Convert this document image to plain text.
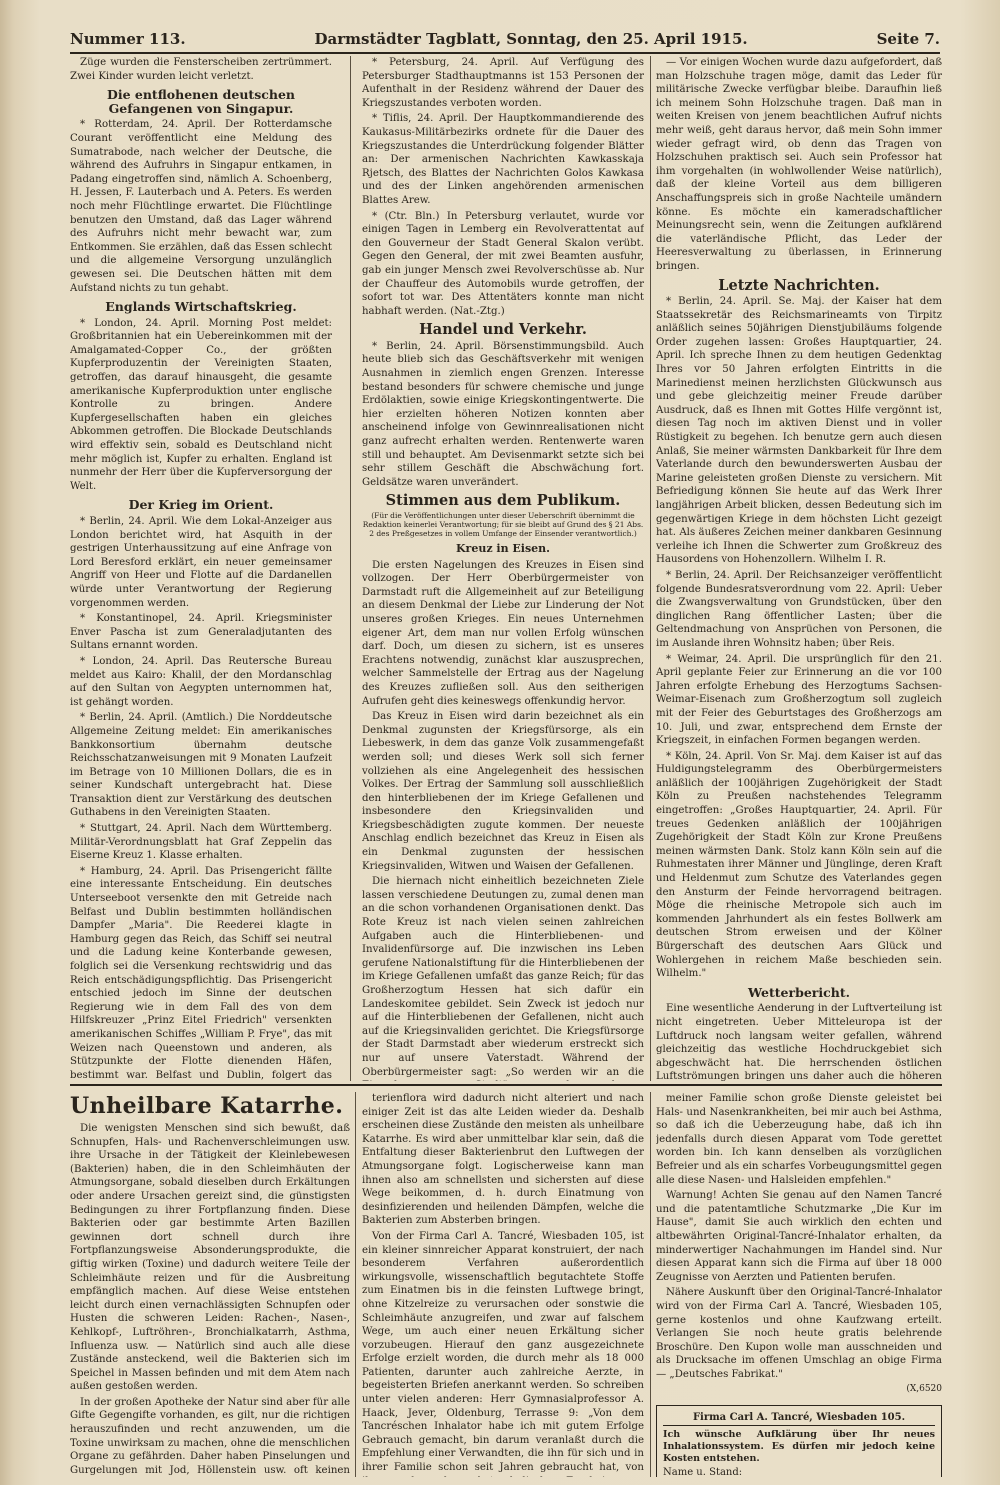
Nummer 113.	Darmstädter Tagblatt, Sonntag, den 25. April 1915.	Seite 7.

Züge wurden die Fensterscheiben zertrümmert. Zwei Kinder wurden leicht verletzt.

Die entflohenen deutschen Gefangenen von Singapur.

* Rotterdam, 24. April. Der Rotterdamsche Courant veröffentlicht eine Meldung des Sumatrabode, nach welcher der Deutsche, die während des Aufruhrs in Singapur entkamen, in Padang eingetroffen sind, nämlich A. Schoenberg, H. Jessen, F. Lauterbach und A. Peters. Es werden noch mehr Flüchtlinge erwartet. Die Flüchtlinge benutzen den Umstand, daß das Lager während des Aufruhrs nicht mehr bewacht war, zum Entkommen. Sie erzählen, daß das Essen schlecht und die allgemeine Versorgung unzulänglich gewesen sei. Die Deutschen hätten mit dem Aufstand nichts zu tun gehabt.

Englands Wirtschaftskrieg.

* London, 24. April. Morning Post meldet: Großbritannien hat ein Uebereinkommen mit der Amalgamated-Copper Co., der größten Kupferproduzentin der Vereinigten Staaten, getroffen, das darauf hinausgeht, die gesamte amerikanische Kupferproduktion unter englische Kontrolle zu bringen. Andere Kupfergesellschaften haben ein gleiches Abkommen getroffen. Die Blockade Deutschlands wird effektiv sein, sobald es Deutschland nicht mehr möglich ist, Kupfer zu erhalten. England ist nunmehr der Herr über die Kupferversorgung der Welt.

Der Krieg im Orient.

* Berlin, 24. April. Wie dem Lokal-Anzeiger aus London berichtet wird, hat Asquith in der gestrigen Unterhaussitzung auf eine Anfrage von Lord Beresford erklärt, ein neuer gemeinsamer Angriff von Heer und Flotte auf die Dardanellen würde unter Verantwortung der Regierung vorgenommen werden.

* Konstantinopel, 24. April. Kriegsminister Enver Pascha ist zum Generaladjutanten des Sultans ernannt worden.

* London, 24. April. Das Reutersche Bureau meldet aus Kairo: Khalil, der den Mordanschlag auf den Sultan von Aegypten unternommen hat, ist gehängt worden.

* Berlin, 24. April. (Amtlich.) Die Norddeutsche Allgemeine Zeitung meldet: Ein amerikanisches Bankkonsortium übernahm deutsche Reichsschatzanweisungen mit 9 Monaten Laufzeit im Betrage von 10 Millionen Dollars, die es in seiner Kundschaft untergebracht hat. Diese Transaktion dient zur Verstärkung des deutschen Guthabens in den Vereinigten Staaten.

* Stuttgart, 24. April. Nach dem Württemberg. Militär-Verordnungsblatt hat Graf Zeppelin das Eiserne Kreuz 1. Klasse erhalten.

* Hamburg, 24. April. Das Prisengericht fällte eine interessante Entscheidung. Ein deutsches Unterseeboot versenkte den mit Getreide nach Belfast und Dublin bestimmten holländischen Dampfer „Maria". Die Reederei klagte in Hamburg gegen das Reich, das Schiff sei neutral und die Ladung keine Konterbande gewesen, folglich sei die Versenkung rechtswidrig und das Reich entschädigungspflichtig. Das Prisengericht entschied jedoch im Sinne der deutschen Regierung wie in dem Fall des von dem Hilfskreuzer „Prinz Eitel Friedrich" versenkten amerikanischen Schiffes „William P. Frye", das mit Weizen nach Queenstown und anderen, als Stützpunkte der Flotte dienenden Häfen, bestimmt war. Belfast und Dublin, folgert das

* Petersburg, 24. April. Auf Verfügung des Petersburger Stadthauptmanns ist 153 Personen der Aufenthalt in der Residenz während der Dauer des Kriegszustandes verboten worden.

* Tiflis, 24. April. Der Hauptkommandierende des Kaukasus-Militärbezirks ordnete für die Dauer des Kriegszustandes die Unterdrückung folgender Blätter an: Der armenischen Nachrichten Kawkasskaja Rjetsch, des Blattes der Nachrichten Golos Kawkasa und des der Linken angehörenden armenischen Blattes Arew.

* (Ctr. Bln.) In Petersburg verlautet, wurde vor einigen Tagen in Lemberg ein Revolverattentat auf den Gouverneur der Stadt General Skalon verübt. Gegen den General, der mit zwei Beamten ausfuhr, gab ein junger Mensch zwei Revolverschüsse ab. Nur der Chauffeur des Automobils wurde getroffen, der sofort tot war. Des Attentäters konnte man nicht habhaft werden. (Nat.-Ztg.)

Handel und Verkehr.

* Berlin, 24. April. Börsenstimmungsbild. Auch heute blieb sich das Geschäftsverkehr mit wenigen Ausnahmen in ziemlich engen Grenzen. Interesse bestand besonders für schwere chemische und junge Erdölaktien, sowie einige Kriegskontingentwerte. Die hier erzielten höheren Notizen konnten aber anscheinend infolge von Gewinnrealisationen nicht ganz aufrecht erhalten werden. Rentenwerte waren still und behauptet. Am Devisenmarkt setzte sich bei sehr stillem Geschäft die Abschwächung fort. Geldsätze waren unverändert.

Stimmen aus dem Publikum.
(Für die Veröffentlichungen unter dieser Ueberschrift übernimmt die Redaktion keinerlei Verantwortung; für sie bleibt auf Grund des § 21 Abs. 2 des Preßgesetzes in vollem Umfange der Einsender verantwortlich.)
Kreuz in Eisen.

Die ersten Nagelungen des Kreuzes in Eisen sind vollzogen. Der Herr Oberbürgermeister von Darmstadt ruft die Allgemeinheit auf zur Beteiligung an diesem Denkmal der Liebe zur Linderung der Not unseres großen Krieges. Ein neues Unternehmen eigener Art, dem man nur vollen Erfolg wünschen darf. Doch, um diesen zu sichern, ist es unseres Erachtens notwendig, zunächst klar auszusprechen, welcher Sammelstelle der Ertrag aus der Nagelung des Kreuzes zufließen soll. Aus den seitherigen Aufrufen geht dies keineswegs offenkundig hervor.

Das Kreuz in Eisen wird darin bezeichnet als ein Denkmal zugunsten der Kriegsfürsorge, als ein Liebeswerk, in dem das ganze Volk zusammengefaßt werden soll; und dieses Werk soll sich ferner vollziehen als eine Angelegenheit des hessischen Volkes. Der Ertrag der Sammlung soll ausschließlich den hinterbliebenen der im Kriege Gefallenen und insbesondere den Kriegsinvaliden und Kriegsbeschädigten zugute kommen. Der neueste Anschlag endlich bezeichnet das Kreuz in Eisen als ein Denkmal zugunsten der hessischen Kriegsinvaliden, Witwen und Waisen der Gefallenen.

Die hiernach nicht einheitlich bezeichneten Ziele lassen verschiedene Deutungen zu, zumal denen man an die schon vorhandenen Organisationen denkt. Das Rote Kreuz ist nach vielen seinen zahlreichen Aufgaben auch die Hinterbliebenen- und Invalidenfürsorge auf. Die inzwischen ins Leben gerufene Nationalstiftung für die Hinterbliebenen der im Kriege Gefallenen umfaßt das ganze Reich; für das Großherzogtum Hessen hat sich dafür ein Landeskomitee gebildet. Sein Zweck ist jedoch nur auf die Hinterbliebenen der Gefallenen, nicht auch auf die Kriegsinvaliden gerichtet. Die Kriegsfürsorge der Stadt Darmstadt aber wiederum erstreckt sich nur auf unsere Vaterstadt. Während der Oberbürgermeister sagt: „So werden wir an die

— Vor einigen Wochen wurde dazu aufgefordert, daß man Holzschuhe tragen möge, damit das Leder für militärische Zwecke verfügbar bleibe. Daraufhin ließ ich meinem Sohn Holzschuhe tragen. Daß man in weiten Kreisen von jenem beachtlichen Aufruf nichts mehr weiß, geht daraus hervor, daß mein Sohn immer wieder gefragt wird, ob denn das Tragen von Holzschuhen praktisch sei. Auch sein Professor hat ihm vorgehalten (in wohlwollender Weise natürlich), daß der kleine Vorteil aus dem billigeren Anschaffungspreis sich in große Nachteile umändern könne. Es möchte ein kameradschaftlicher Meinungsrecht sein, wenn die Zeitungen aufklärend die vaterländische Pflicht, das Leder der Heeresverwaltung zu überlassen, in Erinnerung bringen.

Letzte Nachrichten.

* Berlin, 24. April. Se. Maj. der Kaiser hat dem Staatssekretär des Reichsmarineamts von Tirpitz anläßlich seines 50jährigen Dienstjubiläums folgende Order zugehen lassen: Großes Hauptquartier, 24. April. Ich spreche Ihnen zu dem heutigen Gedenktag Ihres vor 50 Jahren erfolgten Eintritts in die Marinedienst meinen herzlichsten Glückwunsch aus und gebe gleichzeitig meiner Freude darüber Ausdruck, daß es Ihnen mit Gottes Hilfe vergönnt ist, diesen Tag noch im aktiven Dienst und in voller Rüstigkeit zu begehen. Ich benutze gern auch diesen Anlaß, Sie meiner wärmsten Dankbarkeit für Ihre dem Vaterlande durch den bewunderswerten Ausbau der Marine geleisteten großen Dienste zu versichern. Mit Befriedigung können Sie heute auf das Werk Ihrer langjährigen Arbeit blicken, dessen Bedeutung sich im gegenwärtigen Kriege in dem höchsten Licht gezeigt hat. Als äußeres Zeichen meiner dankbaren Gesinnung verleihe ich Ihnen die Schwerter zum Großkreuz des Hausordens von Hohenzollern. Wilhelm I. R.

* Berlin, 24. April. Der Reichsanzeiger veröffentlicht folgende Bundesratsverordnung vom 22. April: Ueber die Zwangsverwaltung von Grundstücken, über den dinglichen Rang öffentlicher Lasten; über die Geltendmachung von Ansprüchen von Personen, die im Auslande ihren Wohnsitz haben; über Reis.

* Weimar, 24. April. Die ursprünglich für den 21. April geplante Feier zur Erinnerung an die vor 100 Jahren erfolgte Erhebung des Herzogtums Sachsen-Weimar-Eisenach zum Großherzogtum soll zugleich mit der Feier des Geburtstages des Großherzogs am 10. Juli, und zwar, entsprechend dem Ernste der Kriegszeit, in einfachen Formen begangen werden.

* Köln, 24. April. Von Sr. Maj. dem Kaiser ist auf das Huldigungstelegramm des Oberbürgermeisters anläßlich der 100jährigen Zugehörigkeit der Stadt Köln zu Preußen nachstehendes Telegramm eingetroffen: „Großes Hauptquartier, 24. April. Für treues Gedenken anläßlich der 100jährigen Zugehörigkeit der Stadt Köln zur Krone Preußens meinen wärmsten Dank. Stolz kann Köln sein auf die Ruhmestaten ihrer Männer und Jünglinge, deren Kraft und Heldenmut zum Schutze des Vaterlandes gegen den Ansturm der Feinde hervorragend beitragen. Möge die rheinische Metropole sich auch im kommenden Jahrhundert als ein festes Bollwerk am deutschen Strom erweisen und der Kölner Bürgerschaft des deutschen Aars Glück und Wohlergehen in reichem Maße beschieden sein. Wilhelm."

Wetterbericht.

Eine wesentliche Aenderung in der Luftverteilung ist nicht eingetreten. Ueber Mitteleuropa ist der Luftdruck noch langsam weiter gefallen, während gleichzeitig das westliche Hochdruckgebiet sich abgeschwächt hat. Die herrschenden östlichen Luftströmungen bringen uns daher auch die höheren

Unheilbare Katarrhe.

Die wenigsten Menschen sind sich bewußt, daß Schnupfen, Hals- und Rachenverschleimungen usw. ihre Ursache in der Tätigkeit der Kleinlebewesen (Bakterien) haben, die in den Schleimhäuten der Atmungsorgane, sobald dieselben durch Erkältungen oder andere Ursachen gereizt sind, die günstigsten Bedingungen zu ihrer Fortpflanzung finden. Diese Bakterien oder gar bestimmte Arten Bazillen gewinnen dort schnell durch ihre Fortpflanzungsweise Absonderungsprodukte, die giftig wirken (Toxine) und dadurch weitere Teile der Schleimhäute reizen und für die Ausbreitung empfänglich machen. Auf diese Weise entstehen leicht durch einen vernachlässigten Schnupfen oder Husten die schweren Leiden: Rachen-, Nasen-, Kehlkopf-, Luftröhren-, Bronchialkatarrh, Asthma, Influenza usw. — Natürlich sind auch alle diese Zustände ansteckend, weil die Bakterien sich im Speichel in Massen befinden und mit dem Atem nach außen gestoßen werden.

In der großen Apotheke der Natur sind aber für alle Gifte Gegengifte vorhanden, es gilt, nur die richtigen herauszufinden und recht anzuwenden, um die Toxine unwirksam zu machen, ohne die menschlichen Organe zu gefährden. Daher haben Pinselungen und Gurgelungen mit Jod, Höllenstein usw. oft keinen

terienflora wird dadurch nicht alteriert und nach einiger Zeit ist das alte Leiden wieder da. Deshalb erscheinen diese Zustände den meisten als unheilbare Katarrhe. Es wird aber unmittelbar klar sein, daß die Entfaltung dieser Bakterienbrut den Luftwegen der Atmungsorgane folgt. Logischerweise kann man ihnen also am schnellsten und sichersten auf diese Wege beikommen, d. h. durch Einatmung von desinfizierenden und heilenden Dämpfen, welche die Bakterien zum Absterben bringen.

Von der Firma Carl A. Tancré, Wiesbaden 105, ist ein kleiner sinnreicher Apparat konstruiert, der nach besonderem Verfahren außerordentlich wirkungsvolle, wissenschaftlich begutachtete Stoffe zum Einatmen bis in die feinsten Luftwege bringt, ohne Kitzelreize zu verursachen oder sonstwie die Schleimhäute anzugreifen, und zwar auf falschem Wege, um auch einer neuen Erkältung sicher vorzubeugen. Hierauf den ganz ausgezeichnete Erfolge erzielt worden, die durch mehr als 18 000 Patienten, darunter auch zahlreiche Aerzte, in begeisterten Briefen anerkannt werden. So schreiben unter vielen anderen: Herr Gymnasialprofessor A. Haack, Jever, Oldenburg, Terrasse 9: „Von dem Tancréschen Inhalator habe ich mit gutem Erfolge Gebrauch gemacht, bin darum veranlaßt durch die Empfehlung einer Verwandten, die ihn für sich und in ihrer Familie schon seit Jahren gebraucht hat, von

meiner Familie schon große Dienste geleistet bei Hals- und Nasenkrankheiten, bei mir auch bei Asthma, so daß ich die Ueberzeugung habe, daß ich ihn jedenfalls durch diesen Apparat vom Tode gerettet worden bin. Ich kann denselben als vorzüglichen Befreier und als ein scharfes Vorbeugungsmittel gegen alle diese Nasen- und Halsleiden empfehlen."

Warnung! Achten Sie genau auf den Namen Tancré und die patentamtliche Schutzmarke „Die Kur im Hause", damit Sie auch wirklich den echten und altbewährten Original-Tancré-Inhalator erhalten, da minderwertiger Nachahmungen im Handel sind. Nur diesen Apparat kann sich die Firma auf über 18 000 Zeugnisse von Aerzten und Patienten berufen.

Nähere Auskunft über den Original-Tancré-Inhalator wird von der Firma Carl A. Tancré, Wiesbaden 105, gerne kostenlos und ohne Kaufzwang erteilt. Verlangen Sie noch heute gratis belehrende Broschüre. Den Kupon wolle man ausschneiden und als Drucksache im offenen Umschlag an obige Firma — „Deutsches Fabrikat."

(X,6520
Firma Carl A. Tancré, Wiesbaden 105.
Ich wünsche Aufklärung über Ihr neues Inhalationssystem. Es dürfen mir jedoch keine Kosten entstehen.
Name u. Stand:
